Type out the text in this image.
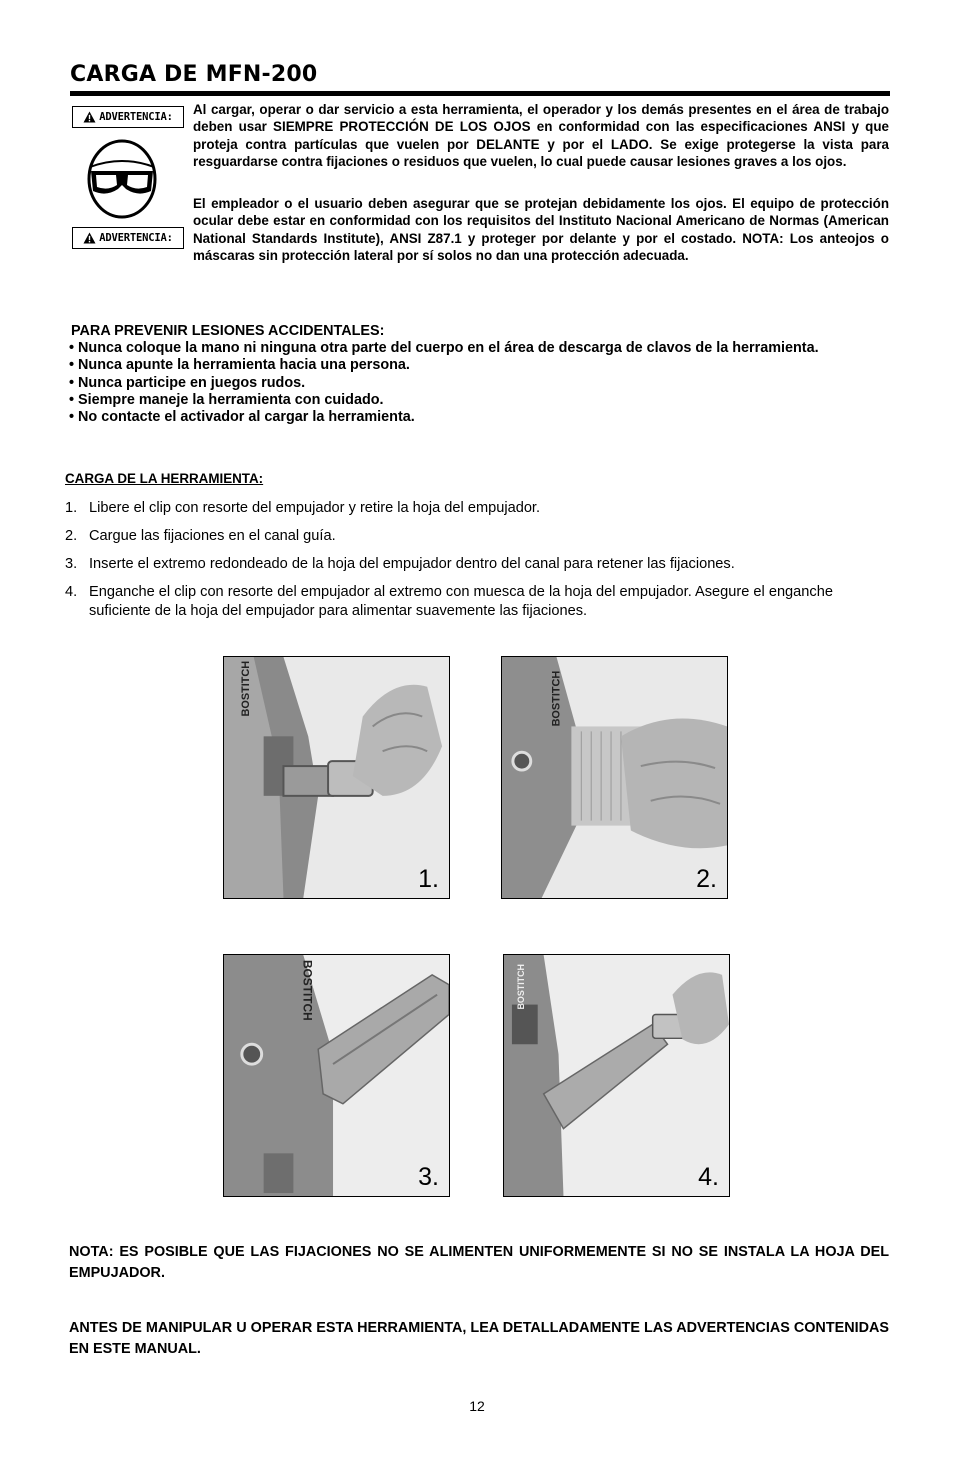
CARGA DE MFN-200
ADVERTENCIA:
ADVERTENCIA:

Al cargar, operar o dar servicio a esta herramienta, el operador y los demás presentes en el área de trabajo deben usar SIEMPRE PROTECCIÓN DE LOS OJOS en conformidad con las especificaciones ANSI y que proteja contra partículas que vuelen por DELANTE y por el LADO. Se exige protegerse la vista para resguardarse contra fijaciones o residuos que vuelen, lo cual puede causar lesiones graves a los ojos.

El empleador o el usuario deben asegurar que se protejan debidamente los ojos. El equipo de protección ocular debe estar en conformidad con los requisitos del Instituto Nacional Americano de Normas (American National Standards Institute), ANSI Z87.1 y proteger por delante y por el costado. NOTA: Los anteojos o máscaras sin protección lateral por sí solos no dan una protección adecuada.

PARA PREVENIR LESIONES ACCIDENTALES:
• Nunca coloque la mano ni ninguna otra parte del cuerpo en el área de descarga de clavos de la herramienta.
• Nunca apunte la herramienta hacia una persona.
• Nunca participe en juegos rudos.
• Siempre maneje la herramienta con cuidado.
• No contacte el activador al cargar la herramienta.
CARGA DE LA HERRAMIENTA:
1. Libere el clip con resorte del empujador y retire la hoja del empujador.
2. Cargue las fijaciones en el canal guía.
3. Inserte el extremo redondeado de la hoja del empujador dentro del canal para retener las fijaciones.
4. Enganche el clip con resorte del empujador al extremo con muesca de la hoja del empujador. Asegure el enganche suficiente de la hoja del empujador para alimentar suavemente las fijaciones.
BOSTITCH
1.
BOSTITCH
2.
BOSTITCH
3.
BOSTITCH
4.

NOTA: ES POSIBLE QUE LAS FIJACIONES NO SE ALIMENTEN UNIFORMEMENTE SI NO SE INSTALA LA HOJA DEL EMPUJADOR.

ANTES DE MANIPULAR U OPERAR ESTA HERRAMIENTA, LEA DETALLADAMENTE LAS ADVERTENCIAS CONTENIDAS EN ESTE MANUAL.

12
